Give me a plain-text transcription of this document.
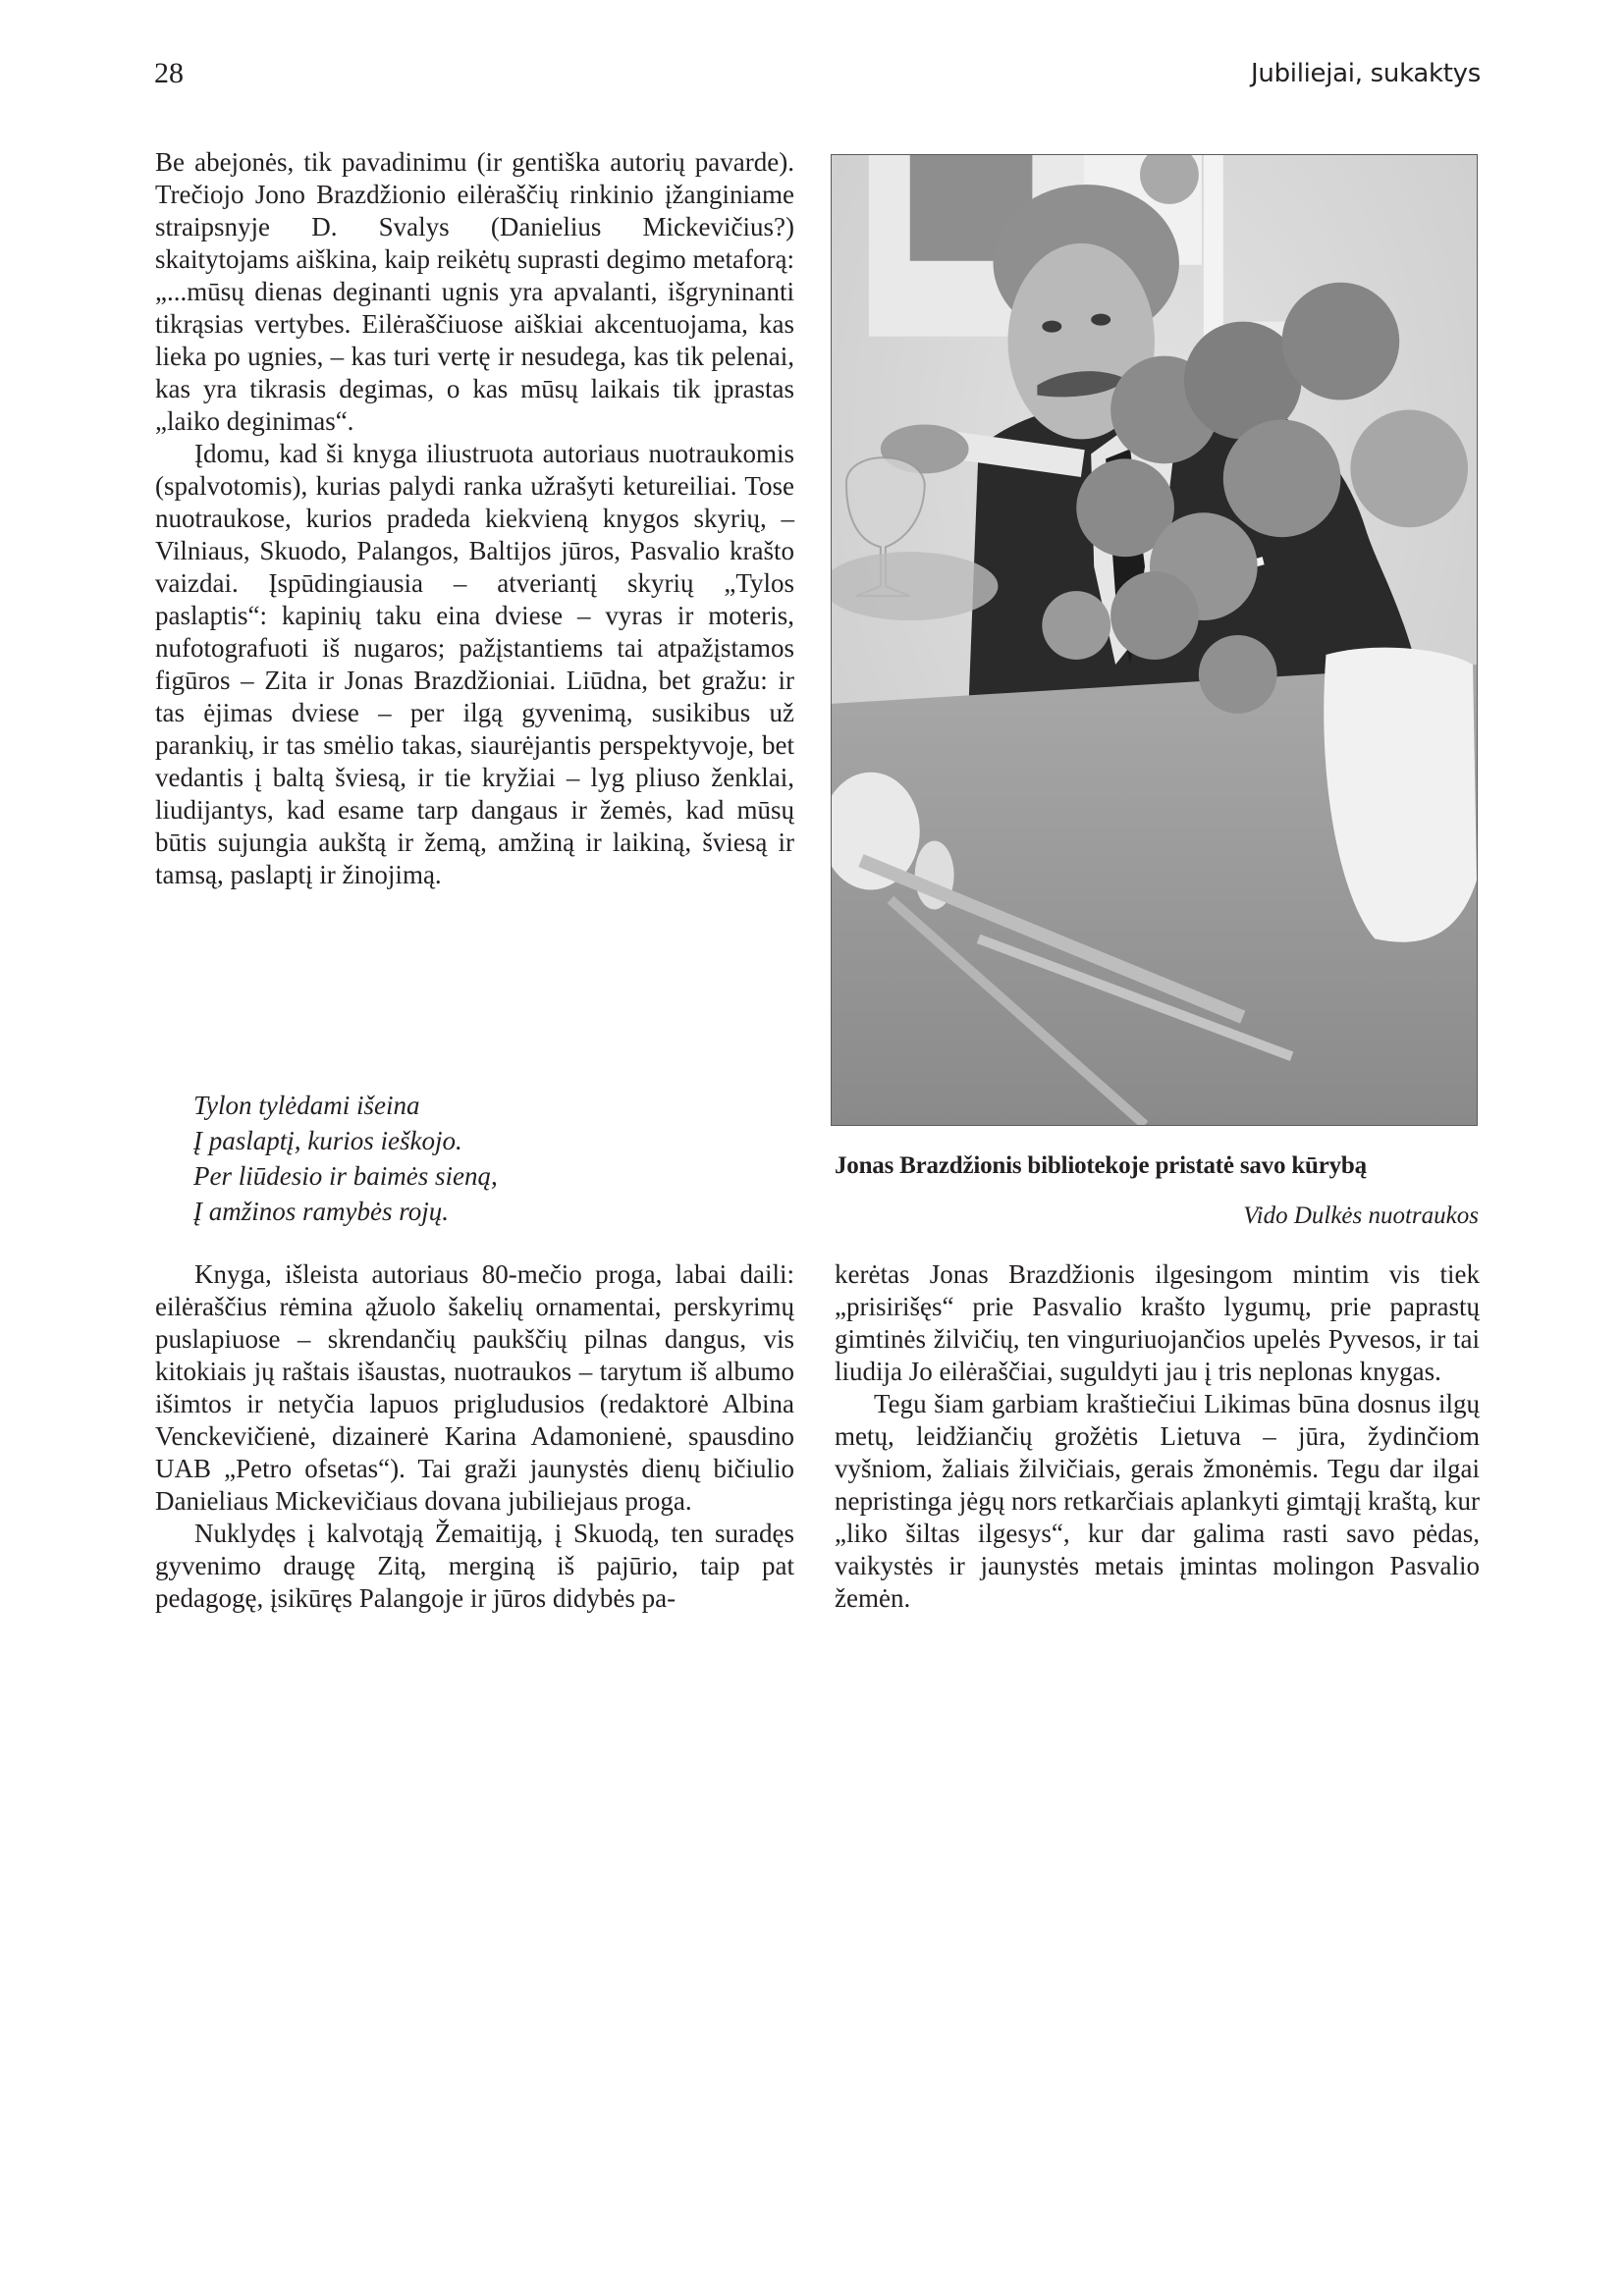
28	Jubiliejai, sukaktys

Be abejonės, tik pavadinimu (ir gentiška autorių pavarde). Trečiojo Jono Brazdžionio eilėraščių rinkinio įžanginiame straipsnyje D. Svalys (Danielius Mickevičius?) skaitytojams aiškina, kaip reikėtų suprasti degimo metaforą: „...mūsų dienas deginanti ugnis yra apvalanti, išgryninanti tikrąsias vertybes. Eilėraščiuose aiškiai akcentuojama, kas lieka po ugnies, – kas turi vertę ir nesudega, kas tik pelenai, kas yra tikrasis degimas, o kas mūsų laikais tik įprastas „laiko deginimas“.

Įdomu, kad ši knyga iliustruota autoriaus nuotraukomis (spalvotomis), kurias palydi ranka užrašyti ketureiliai. Tose nuotraukose, kurios pradeda kiekvieną knygos skyrių, – Vilniaus, Skuodo, Palangos, Baltijos jūros, Pasvalio krašto vaizdai. Įspūdingiausia – atveriantį skyrių „Tylos paslaptis“: kapinių taku eina dviese – vyras ir moteris, nufotografuoti iš nugaros; pažįstantiems tai atpažįstamos figūros – Zita ir Jonas Brazdžioniai. Liūdna, bet gražu: ir tas ėjimas dviese – per ilgą gyvenimą, susikibus už parankių, ir tas smėlio takas, siaurėjantis perspektyvoje, bet vedantis į baltą šviesą, ir tie kryžiai – lyg pliuso ženklai, liudijantys, kad esame tarp dangaus ir žemės, kad mūsų būtis sujungia aukštą ir žemą, amžiną ir laikiną, šviesą ir tamsą, paslaptį ir žinojimą.

Tylon tylėdami išeina
Į paslaptį, kurios ieškojo.
Per liūdesio ir baimės sieną,
Į amžinos ramybės rojų.

Knyga, išleista autoriaus 80-mečio proga, labai daili: eilėraščius rėmina ąžuolo šakelių ornamentai, perskyrimų puslapiuose – skrendančių paukščių pilnas dangus, vis kitokiais jų raštais išaustas, nuotraukos – tarytum iš albumo išimtos ir netyčia lapuos prigludusios (redaktorė Albina Venckevičienė, dizainerė Karina Adamonienė, spausdino UAB „Petro ofsetas“). Tai graži jaunystės dienų bičiulio Danieliaus Mickevičiaus dovana jubiliejaus proga.

Nuklydęs į kalvotąją Žemaitiją, į Skuodą, ten suradęs gyvenimo draugę Zitą, merginą iš pajūrio, taip pat pedagogę, įsikūręs Palangoje ir jūros didybės pa-

kerėtas Jonas Brazdžionis ilgesingom mintim vis tiek „prisirišęs“ prie Pasvalio krašto lygumų, prie paprastų gimtinės žilvičių, ten vinguriuojančios upelės Pyvesos, ir tai liudija Jo eilėraščiai, suguldyti jau į tris neplonas knygas.

Tegu šiam garbiam kraštiečiui Likimas būna dosnus ilgų metų, leidžiančių grožėtis Lietuva – jūra, žydinčiom vyšniom, žaliais žilvičiais, gerais žmonėmis. Tegu dar ilgai nepristinga jėgų nors retkarčiais aplankyti gimtąjį kraštą, kur „liko šiltas ilgesys“, kur dar galima rasti savo pėdas, vaikystės ir jaunystės metais įmintas molingon Pasvalio žemėn.

Jonas Brazdžionis bibliotekoje pristatė savo kūrybą
Vido Dulkės nuotraukos
